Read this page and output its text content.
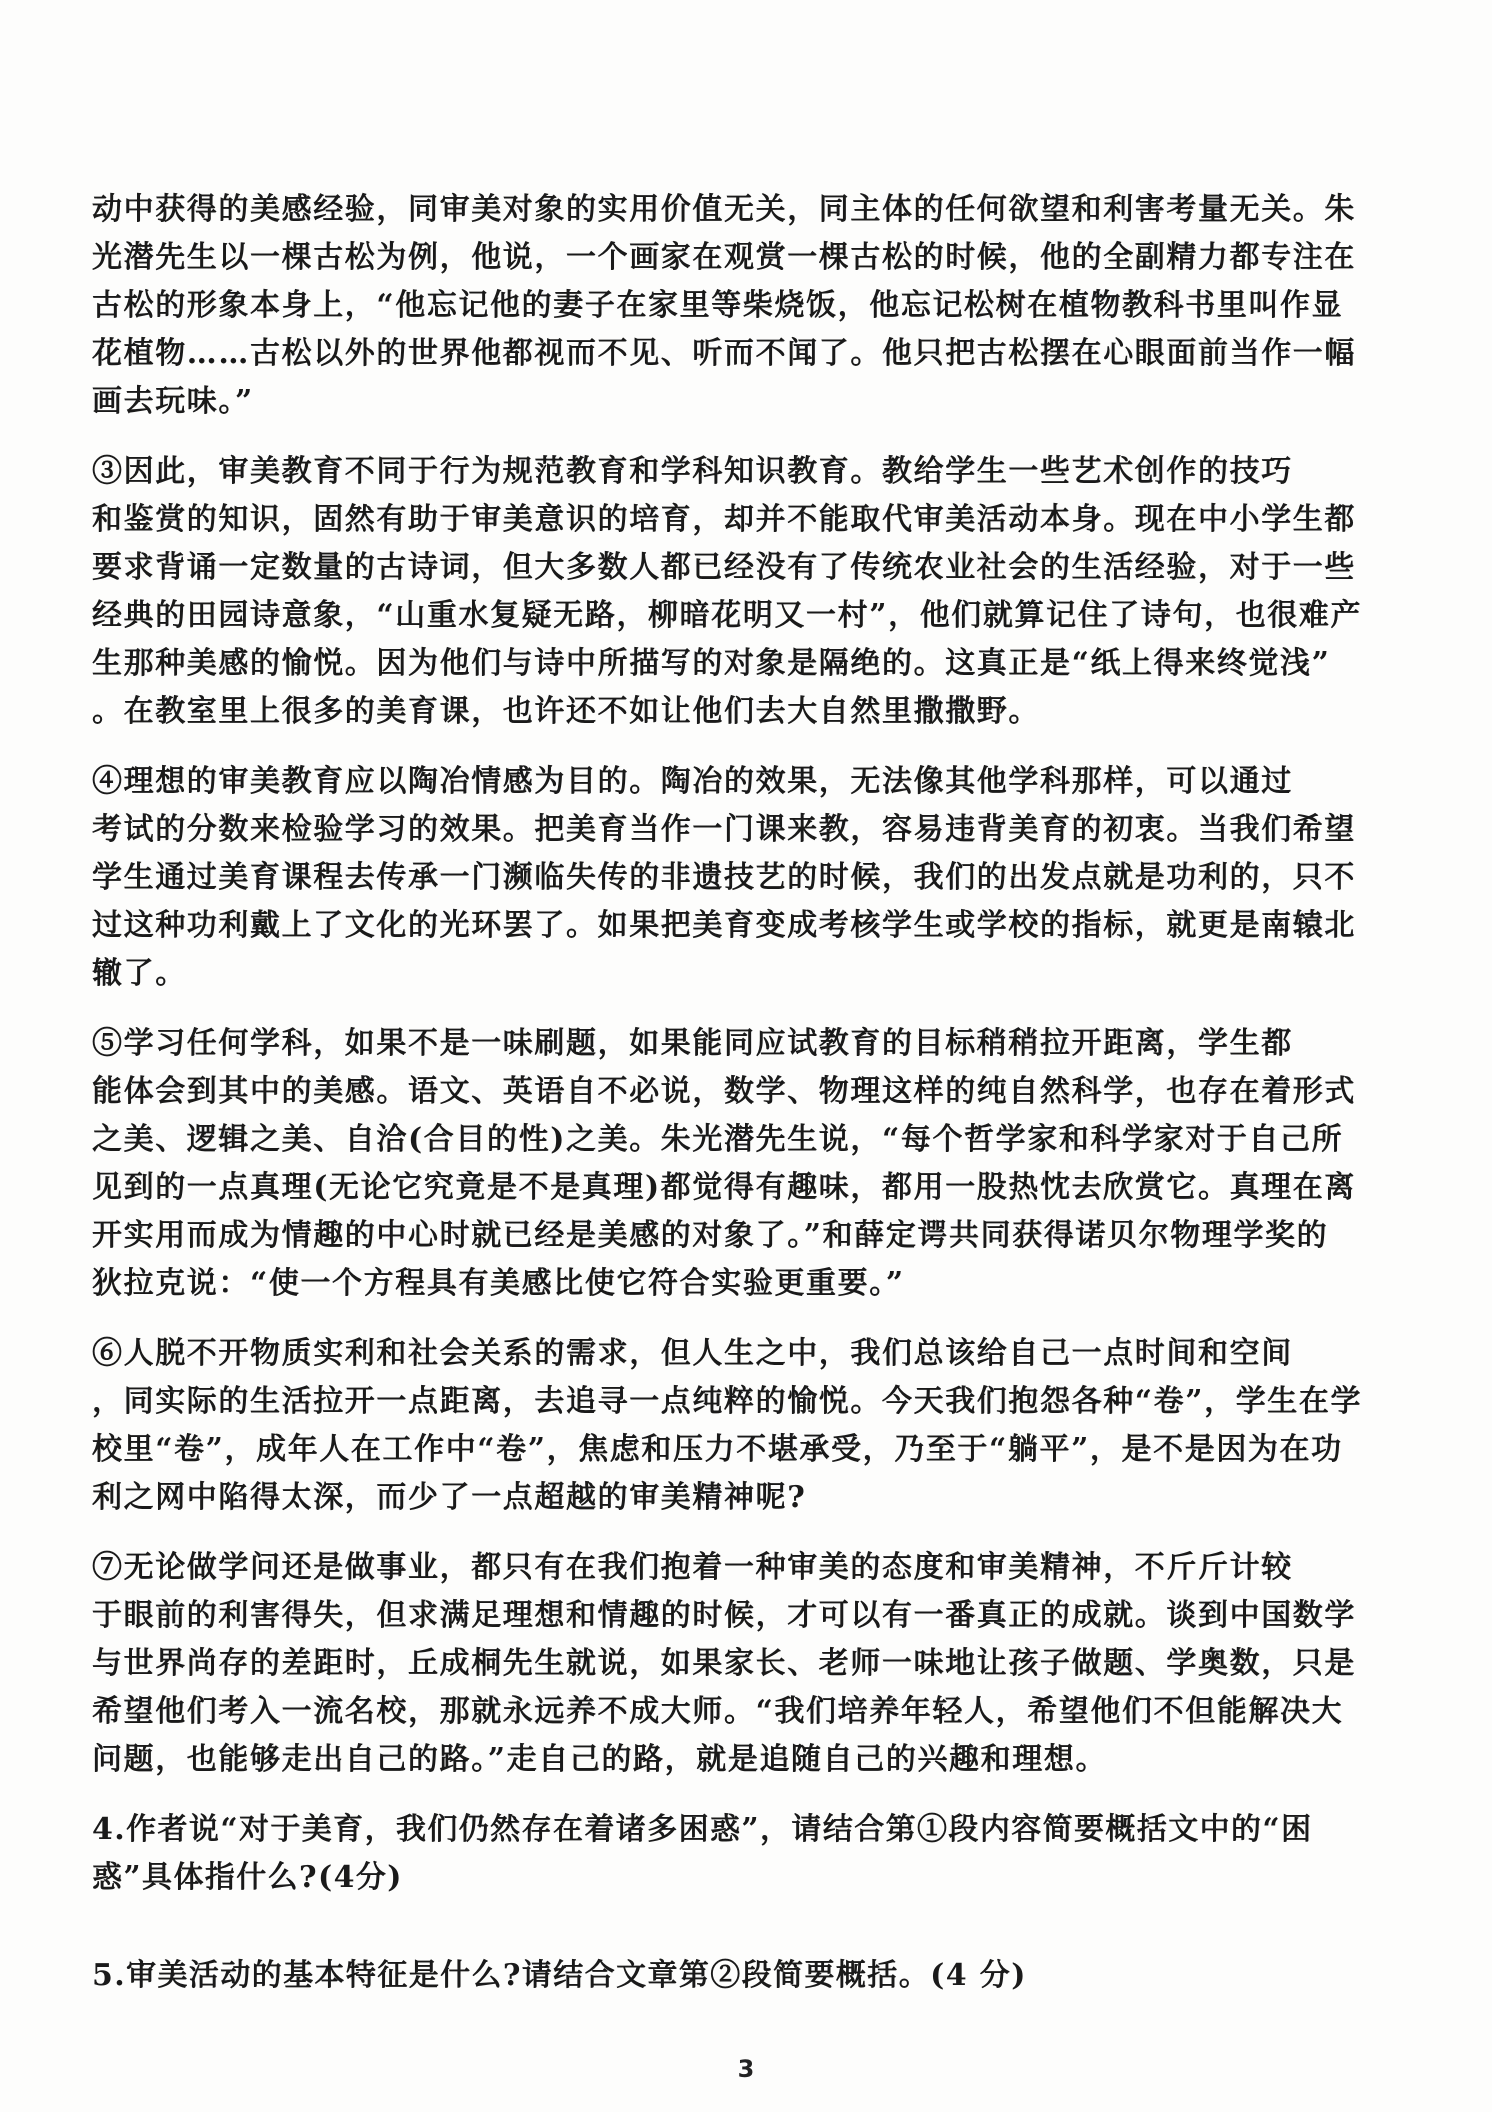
动中获得的美感经验，同审美对象的实用价值无关，同主体的任何欲望和利害考量无关。朱
光潜先生以一棵古松为例，他说，一个画家在观赏一棵古松的时候，他的全副精力都专注在
古松的形象本身上，“他忘记他的妻子在家里等柴烧饭，他忘记松树在植物教科书里叫作显
花植物……古松以外的世界他都视而不见、听而不闻了。他只把古松摆在心眼面前当作一幅
画去玩味。”
③因此，审美教育不同于行为规范教育和学科知识教育。教给学生一些艺术创作的技巧
和鉴赏的知识，固然有助于审美意识的培育，却并不能取代审美活动本身。现在中小学生都
要求背诵一定数量的古诗词，但大多数人都已经没有了传统农业社会的生活经验，对于一些
经典的田园诗意象，“山重水复疑无路，柳暗花明又一村”，他们就算记住了诗句，也很难产
生那种美感的愉悦。因为他们与诗中所描写的对象是隔绝的。这真正是“纸上得来终觉浅”
。在教室里上很多的美育课，也许还不如让他们去大自然里撒撒野。
④理想的审美教育应以陶冶情感为目的。陶冶的效果，无法像其他学科那样，可以通过
考试的分数来检验学习的效果。把美育当作一门课来教，容易违背美育的初衷。当我们希望
学生通过美育课程去传承一门濒临失传的非遗技艺的时候，我们的出发点就是功利的，只不
过这种功利戴上了文化的光环罢了。如果把美育变成考核学生或学校的指标，就更是南辕北
辙了。
⑤学习任何学科，如果不是一味刷题，如果能同应试教育的目标稍稍拉开距离，学生都
能体会到其中的美感。语文、英语自不必说，数学、物理这样的纯自然科学，也存在着形式
之美、逻辑之美、自洽(合目的性)之美。朱光潜先生说，“每个哲学家和科学家对于自己所
见到的一点真理(无论它究竟是不是真理)都觉得有趣味，都用一股热忱去欣赏它。真理在离
开实用而成为情趣的中心时就已经是美感的对象了。”和薛定谔共同获得诺贝尔物理学奖的
狄拉克说：“使一个方程具有美感比使它符合实验更重要。”
⑥人脱不开物质实利和社会关系的需求，但人生之中，我们总该给自己一点时间和空间
，同实际的生活拉开一点距离，去追寻一点纯粹的愉悦。今天我们抱怨各种“卷”，学生在学
校里“卷”，成年人在工作中“卷”，焦虑和压力不堪承受，乃至于“躺平”，是不是因为在功
利之网中陷得太深，而少了一点超越的审美精神呢?
⑦无论做学问还是做事业，都只有在我们抱着一种审美的态度和审美精神，不斤斤计较
于眼前的利害得失，但求满足理想和情趣的时候，才可以有一番真正的成就。谈到中国数学
与世界尚存的差距时，丘成桐先生就说，如果家长、老师一味地让孩子做题、学奥数，只是
希望他们考入一流名校，那就永远养不成大师。“我们培养年轻人，希望他们不但能解决大
问题，也能够走出自己的路。”走自己的路，就是追随自己的兴趣和理想。
4.作者说“对于美育，我们仍然存在着诸多困惑”，请结合第①段内容简要概括文中的“困
惑”具体指什么?(4分)
5.审美活动的基本特征是什么?请结合文章第②段简要概括。(4 分)
3
